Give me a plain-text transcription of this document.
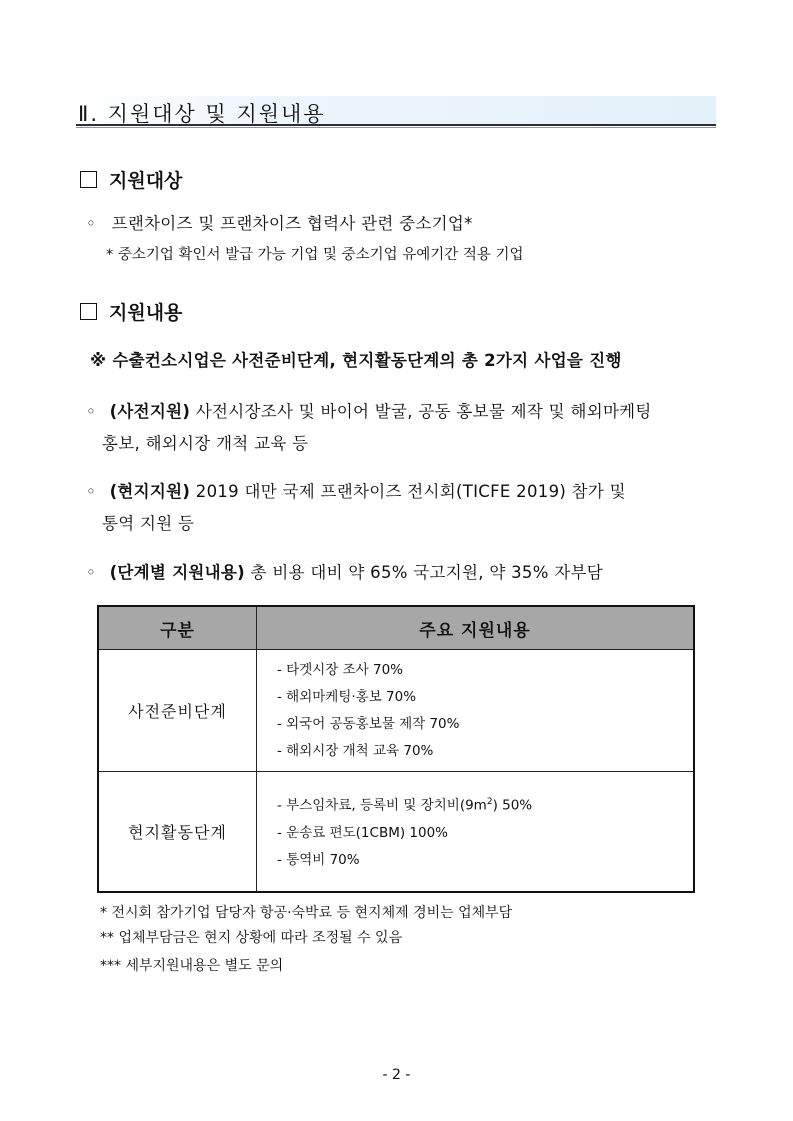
Ⅱ. 지원대상 및 지원내용
지원대상
◦ 프랜차이즈 및 프랜차이즈 협력사 관련 중소기업*
* 중소기업 확인서 발급 가능 기업 및 중소기업 유예기간 적용 기업
지원내용
※ 수출컨소시업은 사전준비단계, 현지활동단계의 총 2가지 사업을 진행
◦ (사전지원) 사전시장조사 및 바이어 발굴, 공동 홍보물 제작 및 해외마케팅
홍보, 해외시장 개척 교육 등
◦ (현지지원) 2019 대만 국제 프랜차이즈 전시회(TICFE 2019) 참가 및
통역 지원 등
◦ (단계별 지원내용) 총 비용 대비 약 65% 국고지원, 약 35% 자부담
구분	주요 지원내용
사전준비단계	- 타겟시장 조사 70%
- 해외마케팅·홍보 70%
- 외국어 공동홍보물 제작 70%
- 해외시장 개척 교육 70%

현지활동단계	- 부스임차료, 등록비 및 장치비$(9m^2)$ 50%
- 운송료 편도(1CBM) 100%
- 통역비 70%
* 전시회 참가기업 담당자 항공·숙박료 등 현지체제 경비는 업체부담
** 업체부담금은 현지 상황에 따라 조정될 수 있음
*** 세부지원내용은 별도 문의
- 2 -
